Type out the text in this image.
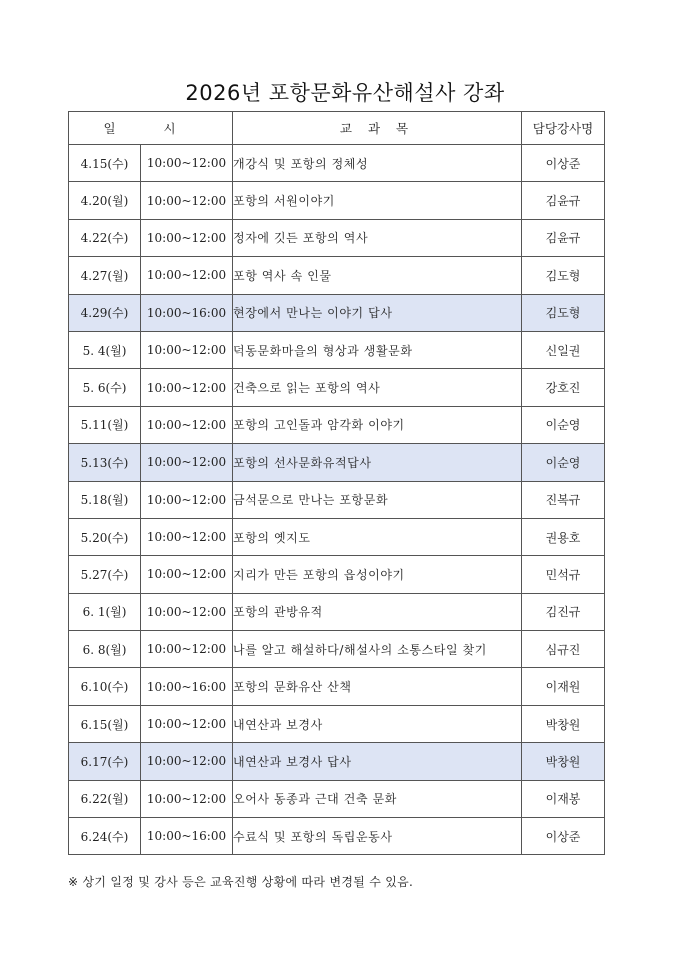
2026년 포항문화유산해설사 강좌
일 시		교 과 목	담당강사명
4.15(수)	10:00~12:00	개강식 및 포항의 정체성	이상준
4.20(월)	10:00~12:00	포항의 서원이야기	김윤규
4.22(수)	10:00~12:00	정자에 깃든 포항의 역사	김윤규
4.27(월)	10:00~12:00	포항 역사 속 인물	김도형
4.29(수)	10:00~16:00	현장에서 만나는 이야기 답사	김도형
5. 4(월)	10:00~12:00	덕동문화마을의 형상과 생활문화	신일권
5. 6(수)	10:00~12:00	건축으로 읽는 포항의 역사	강호진
5.11(월)	10:00~12:00	포항의 고인돌과 암각화 이야기	이순영
5.13(수)	10:00~12:00	포항의 선사문화유적답사	이순영
5.18(월)	10:00~12:00	금석문으로 만나는 포항문화	진복규
5.20(수)	10:00~12:00	포항의 옛지도	권용호
5.27(수)	10:00~12:00	지리가 만든 포항의 읍성이야기	민석규
6. 1(월)	10:00~12:00	포항의 관방유적	김진규
6. 8(월)	10:00~12:00	나를 알고 해설하다/해설사의 소통스타일 찾기	심규진
6.10(수)	10:00~16:00	포항의 문화유산 산책	이재원
6.15(월)	10:00~12:00	내연산과 보경사	박창원
6.17(수)	10:00~12:00	내연산과 보경사 답사	박창원
6.22(월)	10:00~12:00	오어사 동종과 근대 건축 문화	이재봉
6.24(수)	10:00~16:00	수료식 및 포항의 독립운동사	이상준
※ 상기 일정 및 강사 등은 교육진행 상황에 따라 변경될 수 있음.
